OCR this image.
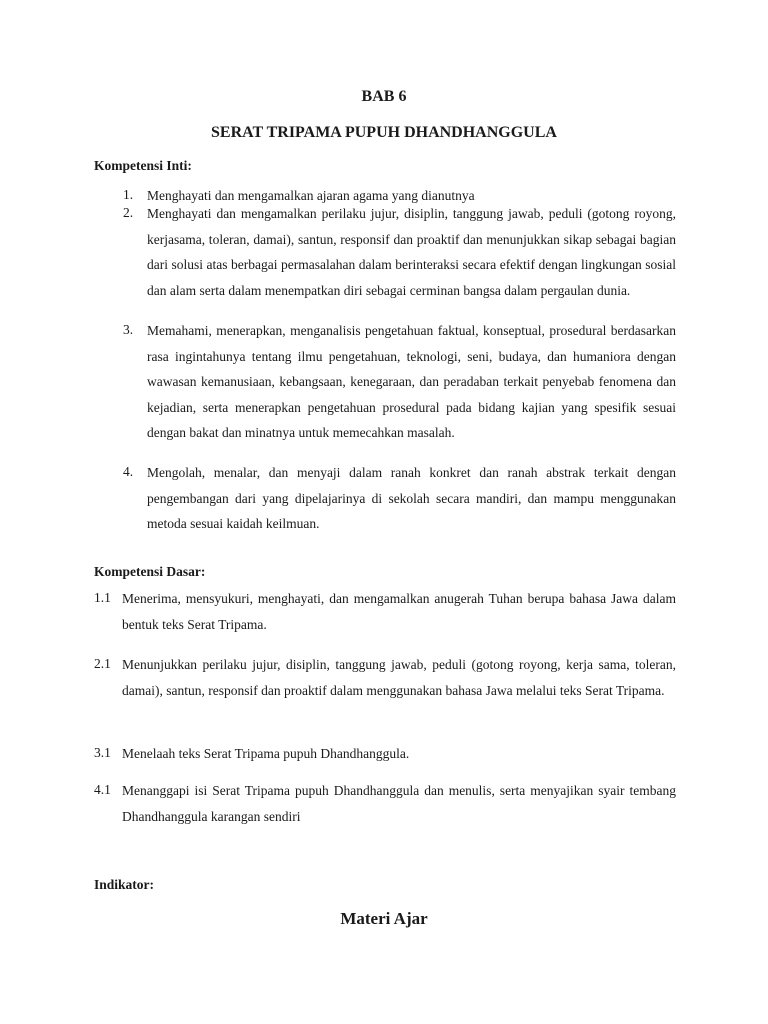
BAB 6
SERAT TRIPAMA PUPUH DHANDHANGGULA
Kompetensi Inti:
1.	Menghayati dan mengamalkan ajaran agama yang dianutnya
2.	Menghayati dan mengamalkan perilaku jujur, disiplin, tanggung jawab, peduli (gotong royong, kerjasama, toleran, damai), santun, responsif dan proaktif dan menunjukkan sikap sebagai bagian dari solusi atas berbagai permasalahan dalam berinteraksi secara efektif dengan lingkungan sosial dan alam serta dalam menempatkan diri sebagai cerminan bangsa dalam pergaulan dunia.
3.	Memahami, menerapkan, menganalisis pengetahuan faktual, konseptual, prosedural berdasarkan rasa ingintahunya tentang ilmu pengetahuan, teknologi, seni, budaya, dan humaniora dengan wawasan kemanusiaan, kebangsaan, kenegaraan, dan peradaban terkait penyebab fenomena dan kejadian, serta menerapkan pengetahuan prosedural pada bidang kajian yang spesifik sesuai dengan bakat dan minatnya untuk memecahkan masalah.
4.	Mengolah, menalar, dan menyaji dalam ranah konkret dan ranah abstrak terkait dengan pengembangan dari yang dipelajarinya di sekolah secara mandiri, dan mampu menggunakan metoda sesuai kaidah keilmuan.
Kompetensi Dasar:
1.1 Menerima, mensyukuri, menghayati, dan mengamalkan anugerah Tuhan berupa bahasa Jawa dalam bentuk teks Serat Tripama.
2.1 Menunjukkan perilaku jujur, disiplin, tanggung jawab, peduli (gotong royong, kerja sama, toleran, damai), santun, responsif dan proaktif dalam menggunakan bahasa Jawa melalui teks Serat Tripama.
3.1 Menelaah teks Serat Tripama pupuh Dhandhanggula.
4.1 Menanggapi isi Serat Tripama pupuh Dhandhanggula dan menulis, serta menyajikan syair tembang Dhandhanggula karangan sendiri
Indikator:
Materi Ajar
